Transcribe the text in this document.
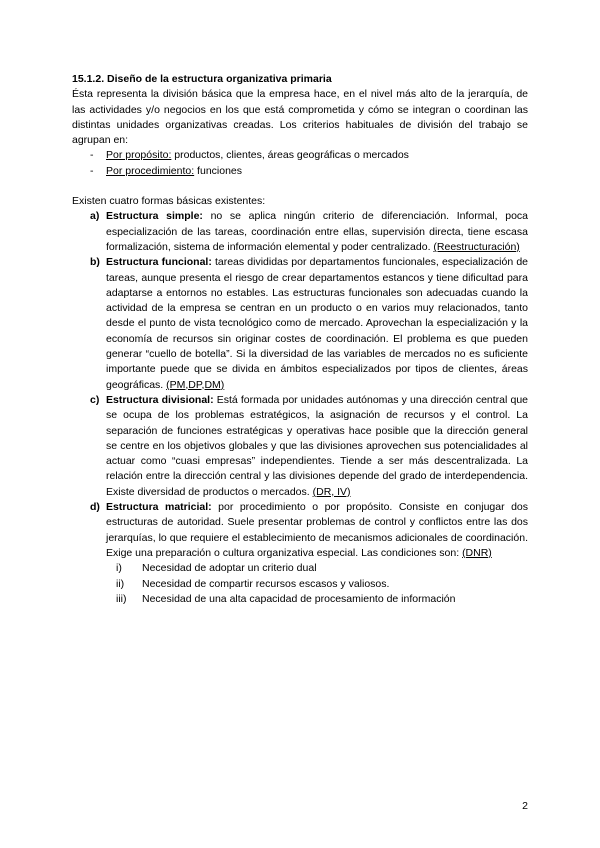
15.1.2. Diseño de la estructura organizativa primaria

Ésta representa la división básica que la empresa hace, en el nivel más alto de la jerarquía, de las actividades y/o negocios en los que está comprometida y cómo se integran o coordinan las distintas unidades organizativas creadas. Los criterios habituales de división del trabajo se agrupan en:

- Por propósito: productos, clientes, áreas geográficas o mercados
- Por procedimiento: funciones

Existen cuatro formas básicas existentes:

a) Estructura simple: no se aplica ningún criterio de diferenciación. Informal, poca especialización de las tareas, coordinación entre ellas, supervisión directa, tiene escasa formalización, sistema de información elemental y poder centralizado. (Reestructuración)
b) Estructura funcional: tareas divididas por departamentos funcionales, especialización de tareas, aunque presenta el riesgo de crear departamentos estancos y tiene dificultad para adaptarse a entornos no estables. Las estructuras funcionales son adecuadas cuando la actividad de la empresa se centran en un producto o en varios muy relacionados, tanto desde el punto de vista tecnológico como de mercado. Aprovechan la especialización y la economía de recursos sin originar costes de coordinación. El problema es que pueden generar “cuello de botella”. Si la diversidad de las variables de mercados no es suficiente importante puede que se divida en ámbitos especializados por tipos de clientes, áreas geográficas. (PM,DP,DM)
c) Estructura divisional: Está formada por unidades autónomas y una dirección central que se ocupa de los problemas estratégicos, la asignación de recursos y el control. La separación de funciones estratégicas y operativas hace posible que la dirección general se centre en los objetivos globales y que las divisiones aprovechen sus potencialidades al actuar como “cuasi empresas” independientes. Tiende a ser más descentralizada. La relación entre la dirección central y las divisiones depende del grado de interdependencia. Existe diversidad de productos o mercados. (DR, IV)
d) Estructura matricial: por procedimiento o por propósito. Consiste en conjugar dos estructuras de autoridad. Suele presentar problemas de control y conflictos entre las dos jerarquías, lo que requiere el establecimiento de mecanismos adicionales de coordinación. Exige una preparación o cultura organizativa especial. Las condiciones son: (DNR)
i) Necesidad de adoptar un criterio dual
ii) Necesidad de compartir recursos escasos y valiosos.
iii) Necesidad de una alta capacidad de procesamiento de información
2
